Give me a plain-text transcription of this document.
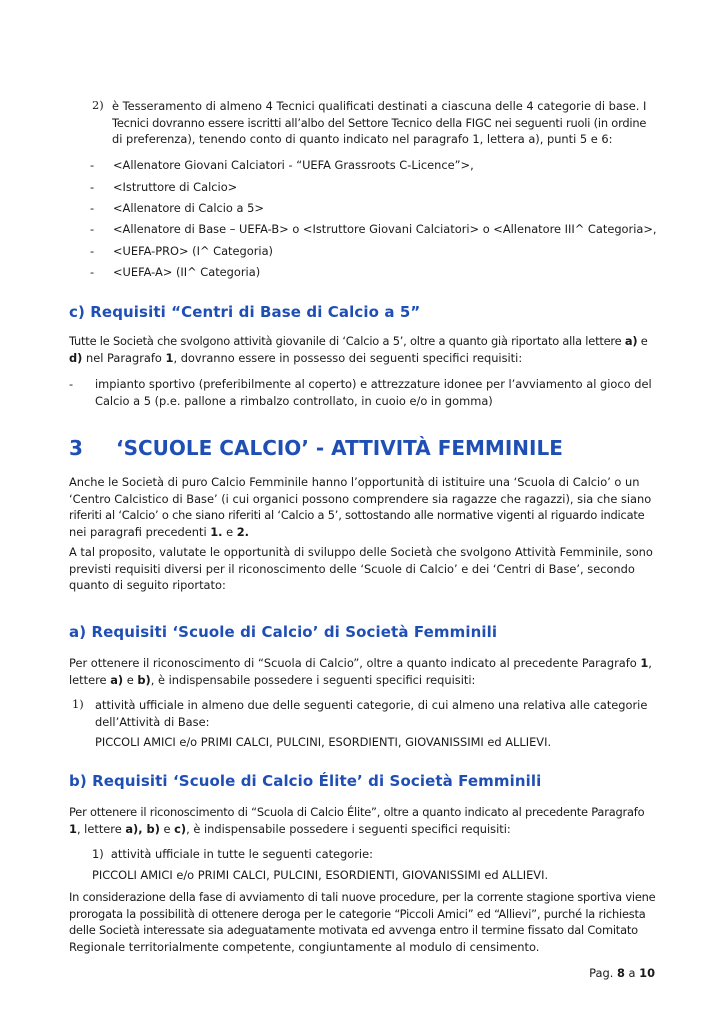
2) è Tesseramento di almeno 4 Tecnici qualificati destinati a ciascuna delle 4 categorie di base. I

Tecnici dovranno essere iscritti all’albo del Settore Tecnico della FIGC nei seguenti ruoli (in ordine

di preferenza), tenendo conto di quanto indicato nel paragrafo 1, lettera a), punti 5 e 6:

- <Allenatore Giovani Calciatori - “UEFA Grassroots C-Licence”>,
- <Istruttore di Calcio>
- <Allenatore di Calcio a 5>
- <Allenatore di Base – UEFA-B> o <Istruttore Giovani Calciatori> o <Allenatore III^ Categoria>,
- <UEFA-PRO> (I^ Categoria)
- <UEFA-A> (II^ Categoria)
c) Requisiti “Centri di Base di Calcio a 5”

Tutte le Società che svolgono attività giovanile di ‘Calcio a 5’, oltre a quanto già riportato alla lettere a) e

d) nel Paragrafo 1, dovranno essere in possesso dei seguenti specifici requisiti:

- impianto sportivo (preferibilmente al coperto) e attrezzature idonee per l’avviamento al gioco del

Calcio a 5 (p.e. pallone a rimbalzo controllato, in cuoio e/o in gomma)

3 ‘SCUOLE CALCIO’ - ATTIVITÀ FEMMINILE

Anche le Società di puro Calcio Femminile hanno l’opportunità di istituire una ‘Scuola di Calcio’ o un

‘Centro Calcistico di Base’ (i cui organici possono comprendere sia ragazze che ragazzi), sia che siano

riferiti al ‘Calcio’ o che siano riferiti al ‘Calcio a 5’, sottostando alle normative vigenti al riguardo indicate

nei paragrafi precedenti 1. e 2.

A tal proposito, valutate le opportunità di sviluppo delle Società che svolgono Attività Femminile, sono

previsti requisiti diversi per il riconoscimento delle ‘Scuole di Calcio’ e dei ‘Centri di Base’, secondo

quanto di seguito riportato:

a) Requisiti ‘Scuole di Calcio’ di Società Femminili

Per ottenere il riconoscimento di “Scuola di Calcio”, oltre a quanto indicato al precedente Paragrafo 1,

lettere a) e b), è indispensabile possedere i seguenti specifici requisiti:

1) attività ufficiale in almeno due delle seguenti categorie, di cui almeno una relativa alle categorie

dell’Attività di Base:

PICCOLI AMICI e/o PRIMI CALCI, PULCINI, ESORDIENTI, GIOVANISSIMI ed ALLIEVI.

b) Requisiti ‘Scuole di Calcio Élite’ di Società Femminili

Per ottenere il riconoscimento di “Scuola di Calcio Élite”, oltre a quanto indicato al precedente Paragrafo

1, lettere a), b) e c), è indispensabile possedere i seguenti specifici requisiti:

1)  attività ufficiale in tutte le seguenti categorie:

PICCOLI AMICI e/o PRIMI CALCI, PULCINI, ESORDIENTI, GIOVANISSIMI ed ALLIEVI.

In considerazione della fase di avviamento di tali nuove procedure, per la corrente stagione sportiva viene

prorogata la possibilità di ottenere deroga per le categorie “Piccoli Amici” ed “Allievi”, purché la richiesta

delle Società interessate sia adeguatamente motivata ed avvenga entro il termine fissato dal Comitato

Regionale territorialmente competente, congiuntamente al modulo di censimento.

Pag. 8 a 10
